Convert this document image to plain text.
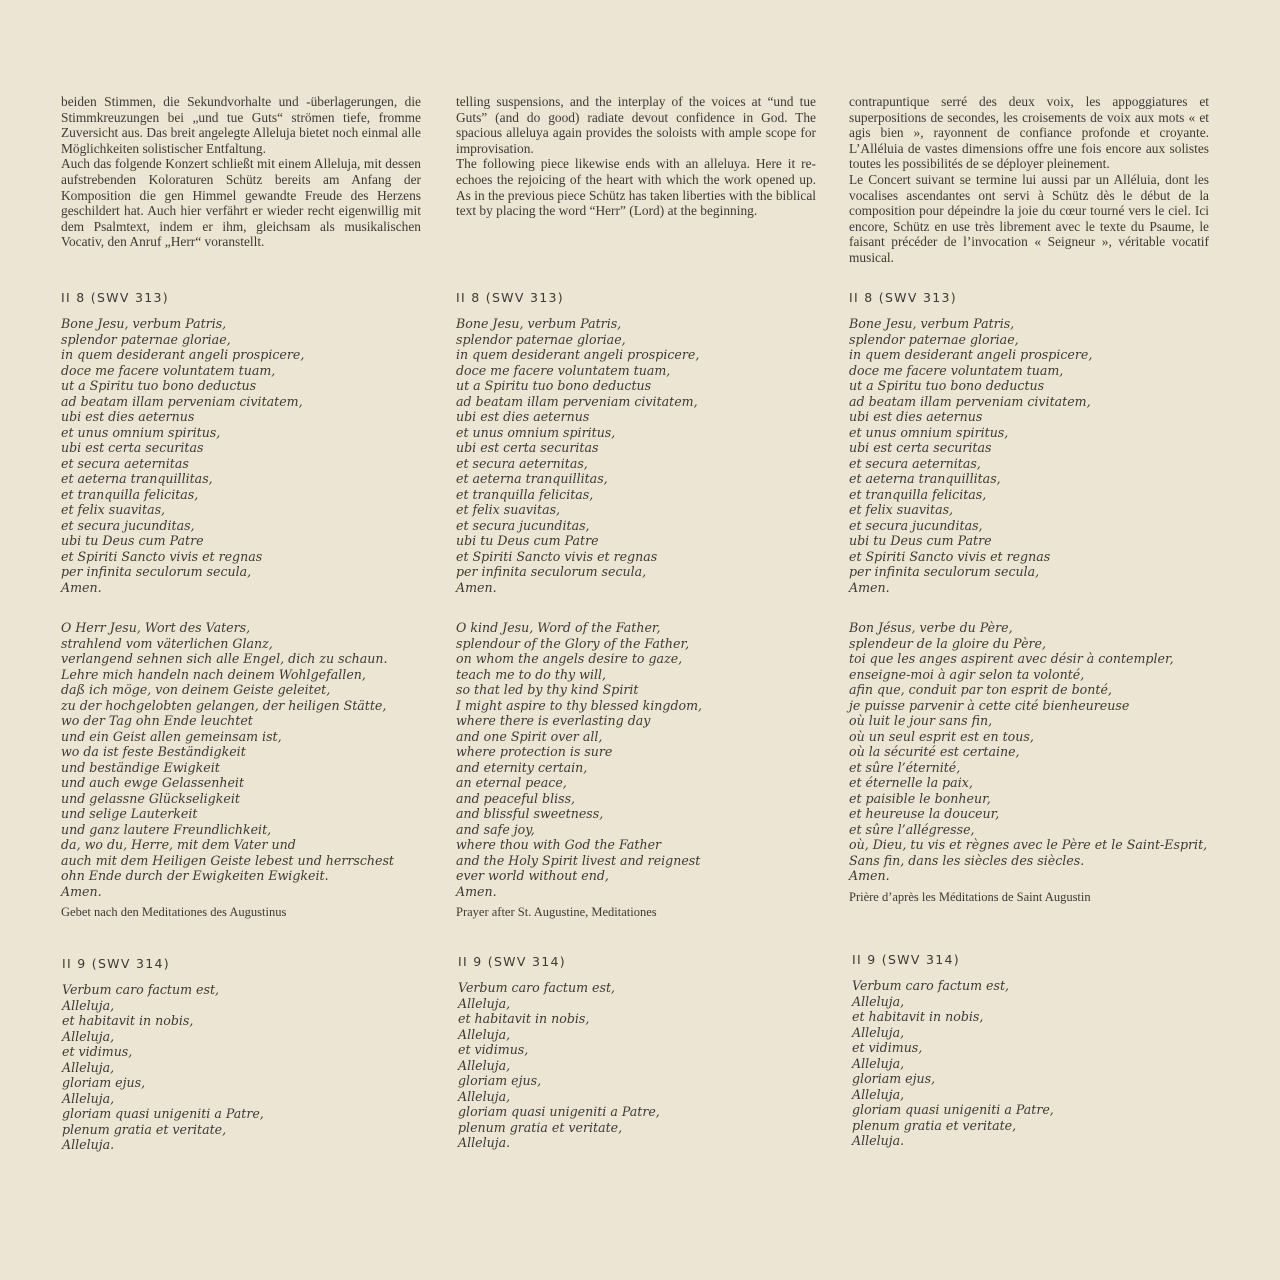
beiden Stimmen, die Sekundvorhalte und -überlagerungen, die Stimmkreuzungen bei „und tue Guts“ strömen tiefe, fromme Zuversicht aus. Das breit angelegte Alleluja bietet noch einmal alle Möglichkeiten solistischer Entfaltung.

Auch das folgende Konzert schließt mit einem Alleluja, mit dessen aufstrebenden Koloraturen Schütz bereits am Anfang der Komposition die gen Himmel gewandte Freude des Herzens geschildert hat. Auch hier verfährt er wieder recht eigenwillig mit dem Psalmtext, indem er ihm, gleichsam als musikalischen Vocativ, den Anruf „Herr“ voranstellt.

II 8 (SWV 313)
Bone Jesu, verbum Patris,
splendor paternae gloriae,
in quem desiderant angeli prospicere,
doce me facere voluntatem tuam,
ut a Spiritu tuo bono deductus
ad beatam illam perveniam civitatem,
ubi est dies aeternus
et unus omnium spiritus,
ubi est certa securitas
et secura aeternitas
et aeterna tranquillitas,
et tranquilla felicitas,
et felix suavitas,
et secura jucunditas,
ubi tu Deus cum Patre
et Spiriti Sancto vivis et regnas
per infinita seculorum secula,
Amen.
O Herr Jesu, Wort des Vaters,
strahlend vom väterlichen Glanz,
verlangend sehnen sich alle Engel, dich zu schaun.
Lehre mich handeln nach deinem Wohlgefallen,
daß ich möge, von deinem Geiste geleitet,
zu der hochgelobten gelangen, der heiligen Stätte,
wo der Tag ohn Ende leuchtet
und ein Geist allen gemeinsam ist,
wo da ist feste Beständigkeit
und beständige Ewigkeit
und auch ewge Gelassenheit
und gelassne Glückseligkeit
und selige Lauterkeit
und ganz lautere Freundlichkeit,
da, wo du, Herre, mit dem Vater und
auch mit dem Heiligen Geiste lebest und herrschest
ohn Ende durch der Ewigkeiten Ewigkeit.
Amen.
Gebet nach den Meditationes des Augustinus

telling suspensions, and the interplay of the voices at “und tue Guts” (and do good) radiate devout confidence in God. The spacious alleluya again provides the soloists with ample scope for improvisation.

The following piece likewise ends with an alleluya. Here it re-echoes the rejoicing of the heart with which the work opened up. As in the previous piece Schütz has taken liberties with the biblical text by placing the word “Herr” (Lord) at the beginning.

II 8 (SWV 313)
Bone Jesu, verbum Patris,
splendor paternae gloriae,
in quem desiderant angeli prospicere,
doce me facere voluntatem tuam,
ut a Spiritu tuo bono deductus
ad beatam illam perveniam civitatem,
ubi est dies aeternus
et unus omnium spiritus,
ubi est certa securitas
et secura aeternitas,
et aeterna tranquillitas,
et tranquilla felicitas,
et felix suavitas,
et secura jucunditas,
ubi tu Deus cum Patre
et Spiriti Sancto vivis et regnas
per infinita seculorum secula,
Amen.
O kind Jesu, Word of the Father,
splendour of the Glory of the Father,
on whom the angels desire to gaze,
teach me to do thy will,
so that led by thy kind Spirit
I might aspire to thy blessed kingdom,
where there is everlasting day
and one Spirit over all,
where protection is sure
and eternity certain,
an eternal peace,
and peaceful bliss,
and blissful sweetness,
and safe joy,
where thou with God the Father
and the Holy Spirit livest and reignest
ever world without end,
Amen.
Prayer after St. Augustine, Meditationes

contrapuntique serré des deux voix, les appoggiatures et superpositions de secondes, les croisements de voix aux mots « et agis bien », rayonnent de confiance profonde et croyante. L’Alléluia de vastes dimensions offre une fois encore aux solistes toutes les possibilités de se déployer pleinement.

Le Concert suivant se termine lui aussi par un Alléluia, dont les vocalises ascendantes ont servi à Schütz dès le début de la composition pour dépeindre la joie du cœur tourné vers le ciel. Ici encore, Schütz en use très librement avec le texte du Psaume, le faisant précéder de l’invocation « Seigneur », véritable vocatif musical.

II 8 (SWV 313)
Bone Jesu, verbum Patris,
splendor paternae gloriae,
in quem desiderant angeli prospicere,
doce me facere voluntatem tuam,
ut a Spiritu tuo bono deductus
ad beatam illam perveniam civitatem,
ubi est dies aeternus
et unus omnium spiritus,
ubi est certa securitas
et secura aeternitas,
et aeterna tranquillitas,
et tranquilla felicitas,
et felix suavitas,
et secura jucunditas,
ubi tu Deus cum Patre
et Spiriti Sancto vivis et regnas
per infinita seculorum secula,
Amen.
Bon Jésus, verbe du Père,
splendeur de la gloire du Père,
toi que les anges aspirent avec désir à contempler,
enseigne-moi à agir selon ta volonté,
afin que, conduit par ton esprit de bonté,
je puisse parvenir à cette cité bienheureuse
où luit le jour sans fin,
où un seul esprit est en tous,
où la sécurité est certaine,
et sûre l’éternité,
et éternelle la paix,
et paisible le bonheur,
et heureuse la douceur,
et sûre l’allégresse,
où, Dieu, tu vis et règnes avec le Père et le Saint-Esprit,
Sans fin, dans les siècles des siècles.
Amen.
Prière d’après les Méditations de Saint Augustin
II 9 (SWV 314)
Verbum caro factum est,
Alleluja,
et habitavit in nobis,
Alleluja,
et vidimus,
Alleluja,
gloriam ejus,
Alleluja,
gloriam quasi unigeniti a Patre,
plenum gratia et veritate,
Alleluja.
II 9 (SWV 314)
Verbum caro factum est,
Alleluja,
et habitavit in nobis,
Alleluja,
et vidimus,
Alleluja,
gloriam ejus,
Alleluja,
gloriam quasi unigeniti a Patre,
plenum gratia et veritate,
Alleluja.
II 9 (SWV 314)
Verbum caro factum est,
Alleluja,
et habitavit in nobis,
Alleluja,
et vidimus,
Alleluja,
gloriam ejus,
Alleluja,
gloriam quasi unigeniti a Patre,
plenum gratia et veritate,
Alleluja.
